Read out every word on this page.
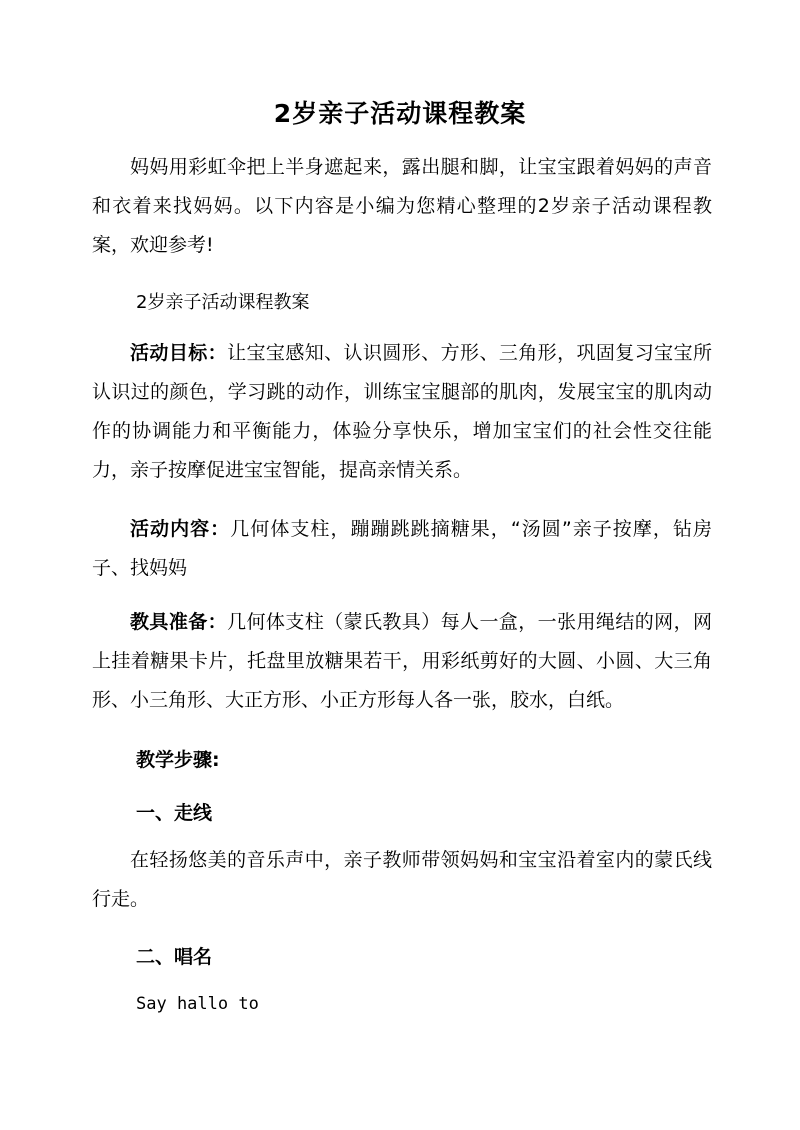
2岁亲子活动课程教案

妈妈用彩虹伞把上半身遮起来，露出腿和脚，让宝宝跟着妈妈的声音和衣着来找妈妈。以下内容是小编为您精心整理的2岁亲子活动课程教案，欢迎参考!

2岁亲子活动课程教案

活动目标：让宝宝感知、认识圆形、方形、三角形，巩固复习宝宝所认识过的颜色，学习跳的动作，训练宝宝腿部的肌肉，发展宝宝的肌肉动作的协调能力和平衡能力，体验分享快乐，增加宝宝们的社会性交往能力，亲子按摩促进宝宝智能，提高亲情关系。

活动内容：几何体支柱，蹦蹦跳跳摘糖果，“汤圆”亲子按摩，钻房子、找妈妈

教具准备：几何体支柱（蒙氏教具）每人一盒，一张用绳结的网，网上挂着糖果卡片，托盘里放糖果若干，用彩纸剪好的大圆、小圆、大三角形、小三角形、大正方形、小正方形每人各一张，胶水，白纸。

教学步骤:

一、走线

在轻扬悠美的音乐声中，亲子教师带领妈妈和宝宝沿着室内的蒙氏线行走。

二、唱名

Say hallo to
